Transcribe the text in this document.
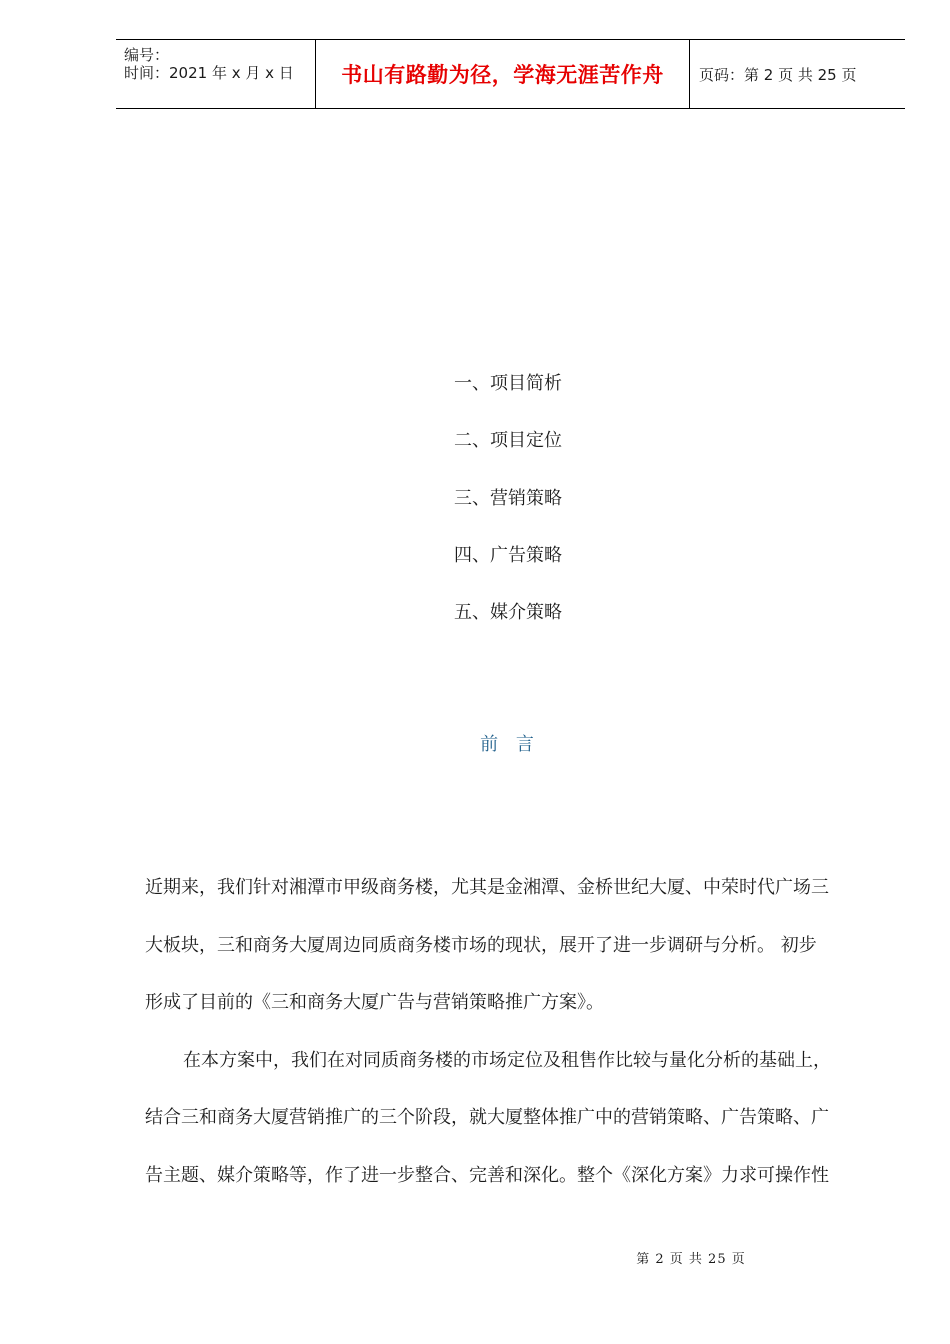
编号：
时间：2021 年 x 月 x 日 书山有路勤为径，学海无涯苦作舟 页码：第 2 页 共 25 页
一、项目简析
二、项目定位
三、营销策略
四、广告策略
五、媒介策略
前 言
近期来，我们针对湘潭市甲级商务楼，尤其是金湘潭、金桥世纪大厦、中荣时代广场三
大板块，三和商务大厦周边同质商务楼市场的现状，展开了进一步调研与分析。 初步
形成了目前的《三和商务大厦广告与营销策略推广方案》。
在本方案中，我们在对同质商务楼的市场定位及租售作比较与量化分析的基础上，
结合三和商务大厦营销推广的三个阶段，就大厦整体推广中的营销策略、广告策略、广
告主题、媒介策略等，作了进一步整合、完善和深化。整个《深化方案》力求可操作性
第 2 页 共 25 页
